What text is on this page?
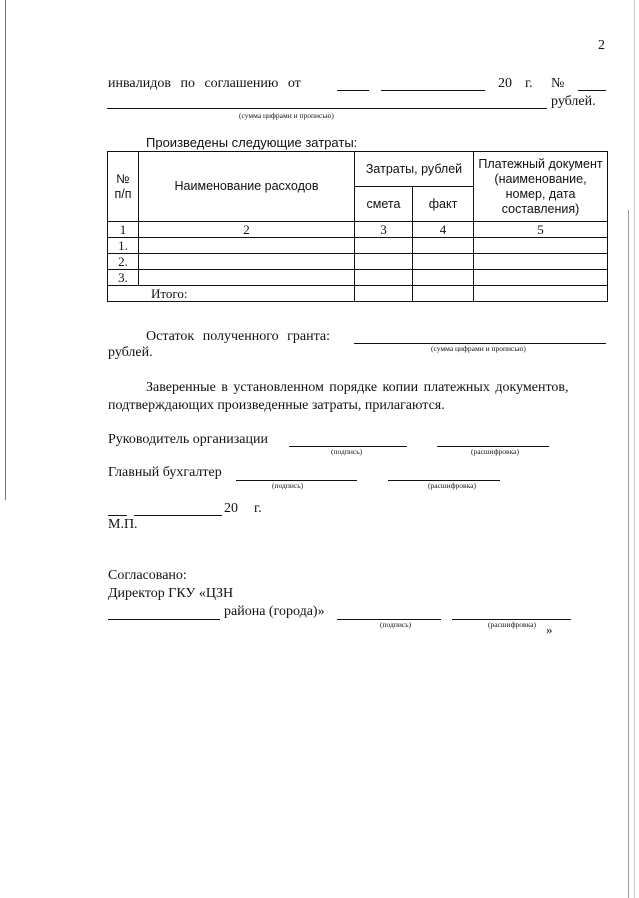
2
инвалидов по соглашению от	20 г. №
рублей.
(сумма цифрами и прописью)
Произведены следующие затраты:
№ п/п	Наименование расходов	Затраты, рублей		Платежный документ (наименование, номер, дата составления)
		смета	факт	
1	2	3	4	5
1.				
2.				
3.				
Итого:				
Остаток полученного гранта:
(сумма цифрами и прописью)
рублей.
Заверенные в установленном порядке копии платежных документов,
подтверждающих произведенные затраты, прилагаются.
Руководитель организации
(подпись)	(расшифровка)
Главный бухгалтер
(подпись)	(расшифровка)
20 г.
М.П.
Согласовано:
Директор ГКУ «ЦЗН
района (города)»
(подпись)	(расшифровка) »
